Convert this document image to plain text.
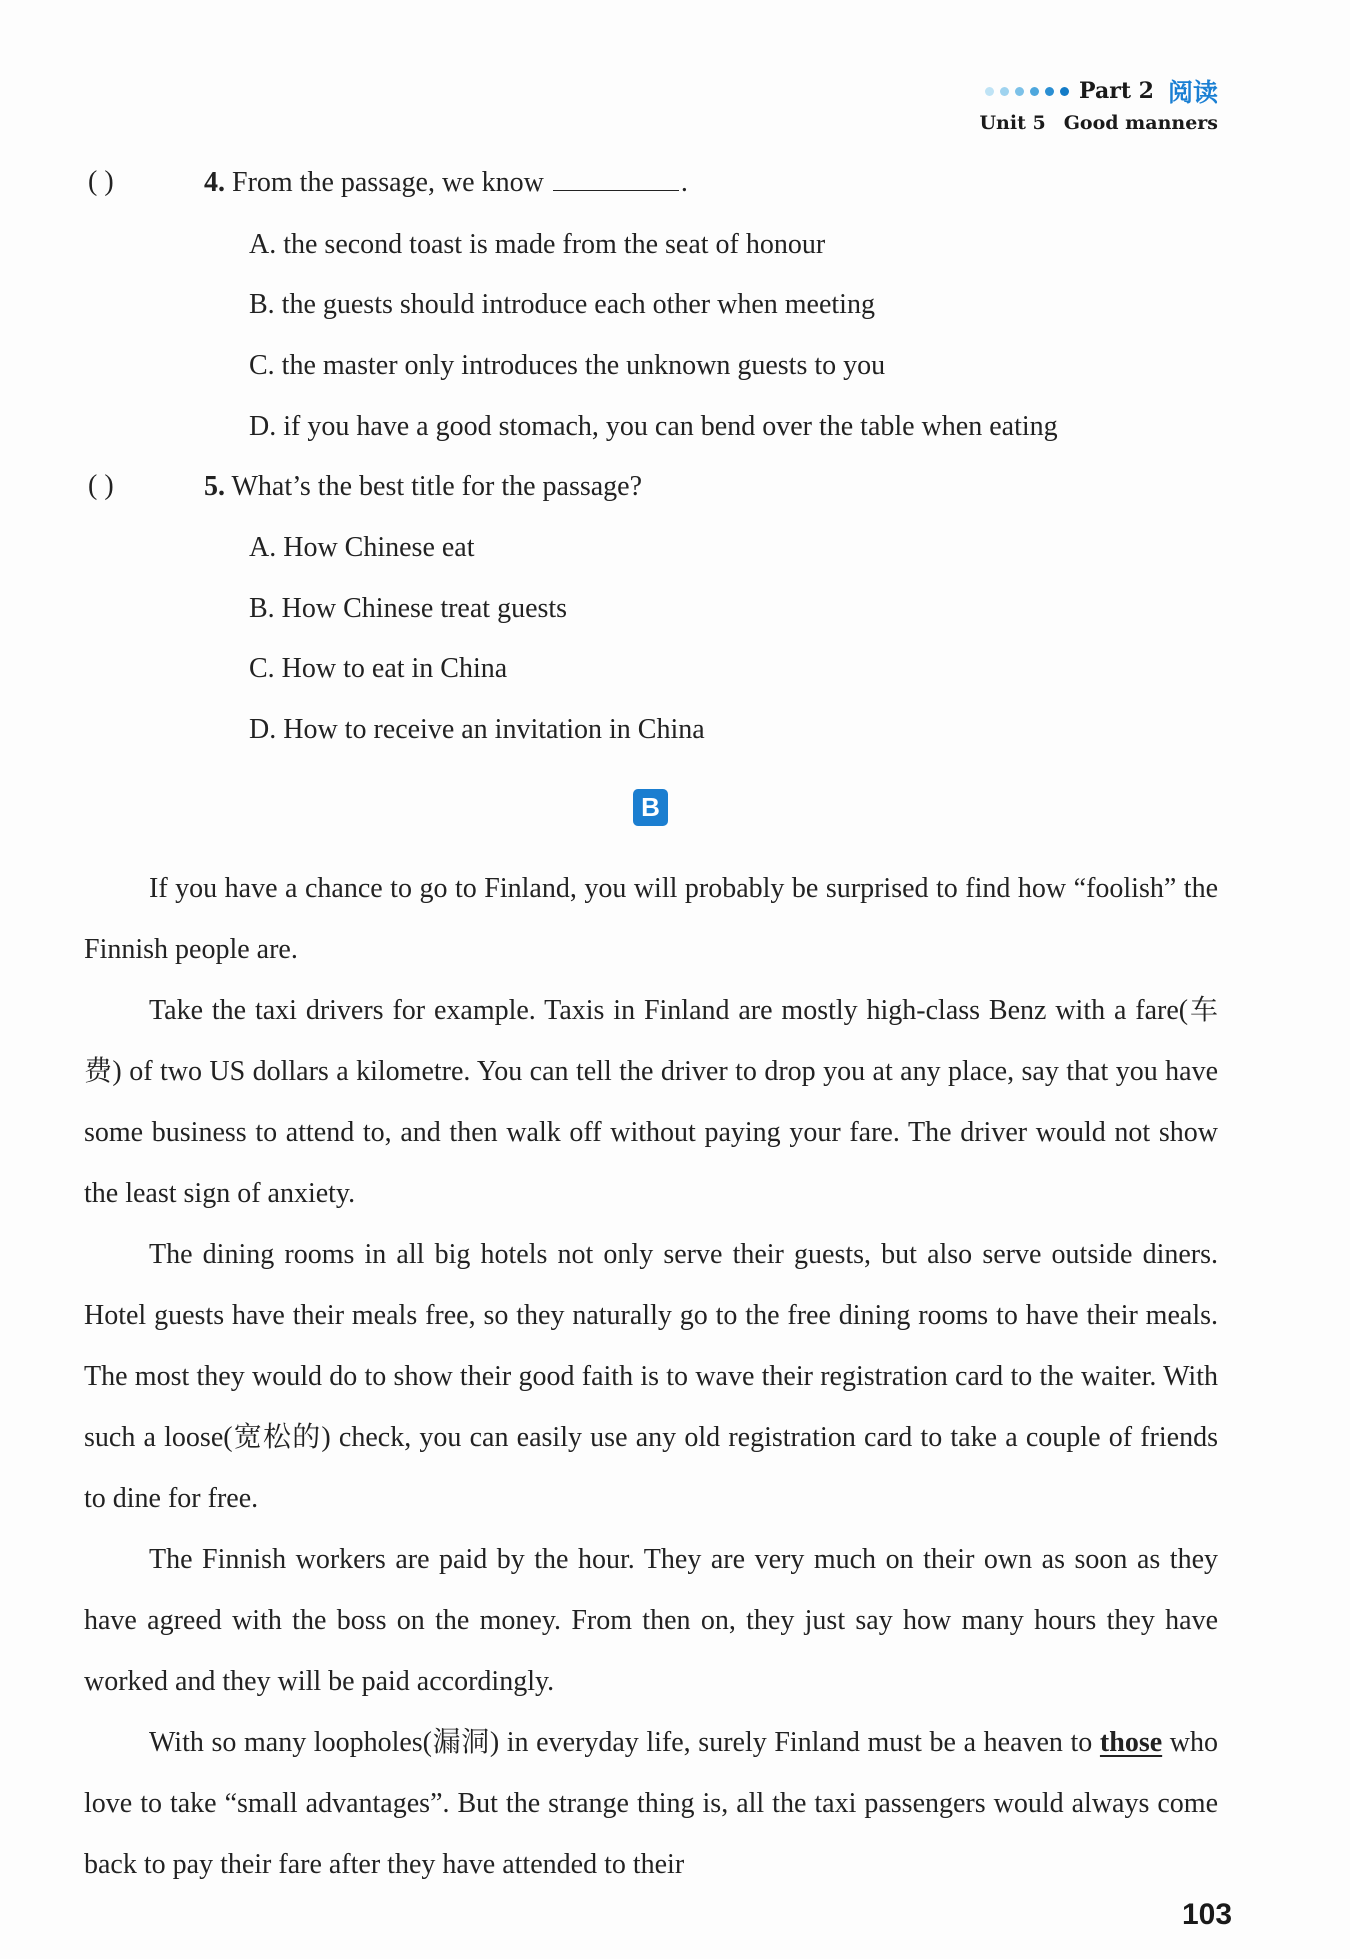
Part 2 阅读
Unit 5 Good manners
( )	4. From the passage, we know	.
A. the second toast is made from the seat of honour
B. the guests should introduce each other when meeting
C. the master only introduces the unknown guests to you
D. if you have a good stomach, you can bend over the table when eating
( )	5. What’s the best title for the passage?
A. How Chinese eat
B. How Chinese treat guests
C. How to eat in China
D. How to receive an invitation in China
B

If you have a chance to go to Finland, you will probably be surprised to find how “foolish” the Finnish people are.

Take the taxi drivers for example. Taxis in Finland are mostly high-class Benz with a fare(车费) of two US dollars a kilometre. You can tell the driver to drop you at any place, say that you have some business to attend to, and then walk off without paying your fare. The driver would not show the least sign of anxiety.

The dining rooms in all big hotels not only serve their guests, but also serve outside diners. Hotel guests have their meals free, so they naturally go to the free dining rooms to have their meals. The most they would do to show their good faith is to wave their registration card to the waiter. With such a loose(宽松的) check, you can easily use any old registration card to take a couple of friends to dine for free.

The Finnish workers are paid by the hour. They are very much on their own as soon as they have agreed with the boss on the money. From then on, they just say how many hours they have worked and they will be paid accordingly.

With so many loopholes(漏洞) in everyday life, surely Finland must be a heaven to those who love to take “small advantages”. But the strange thing is, all the taxi passengers would always come back to pay their fare after they have attended to their

103
